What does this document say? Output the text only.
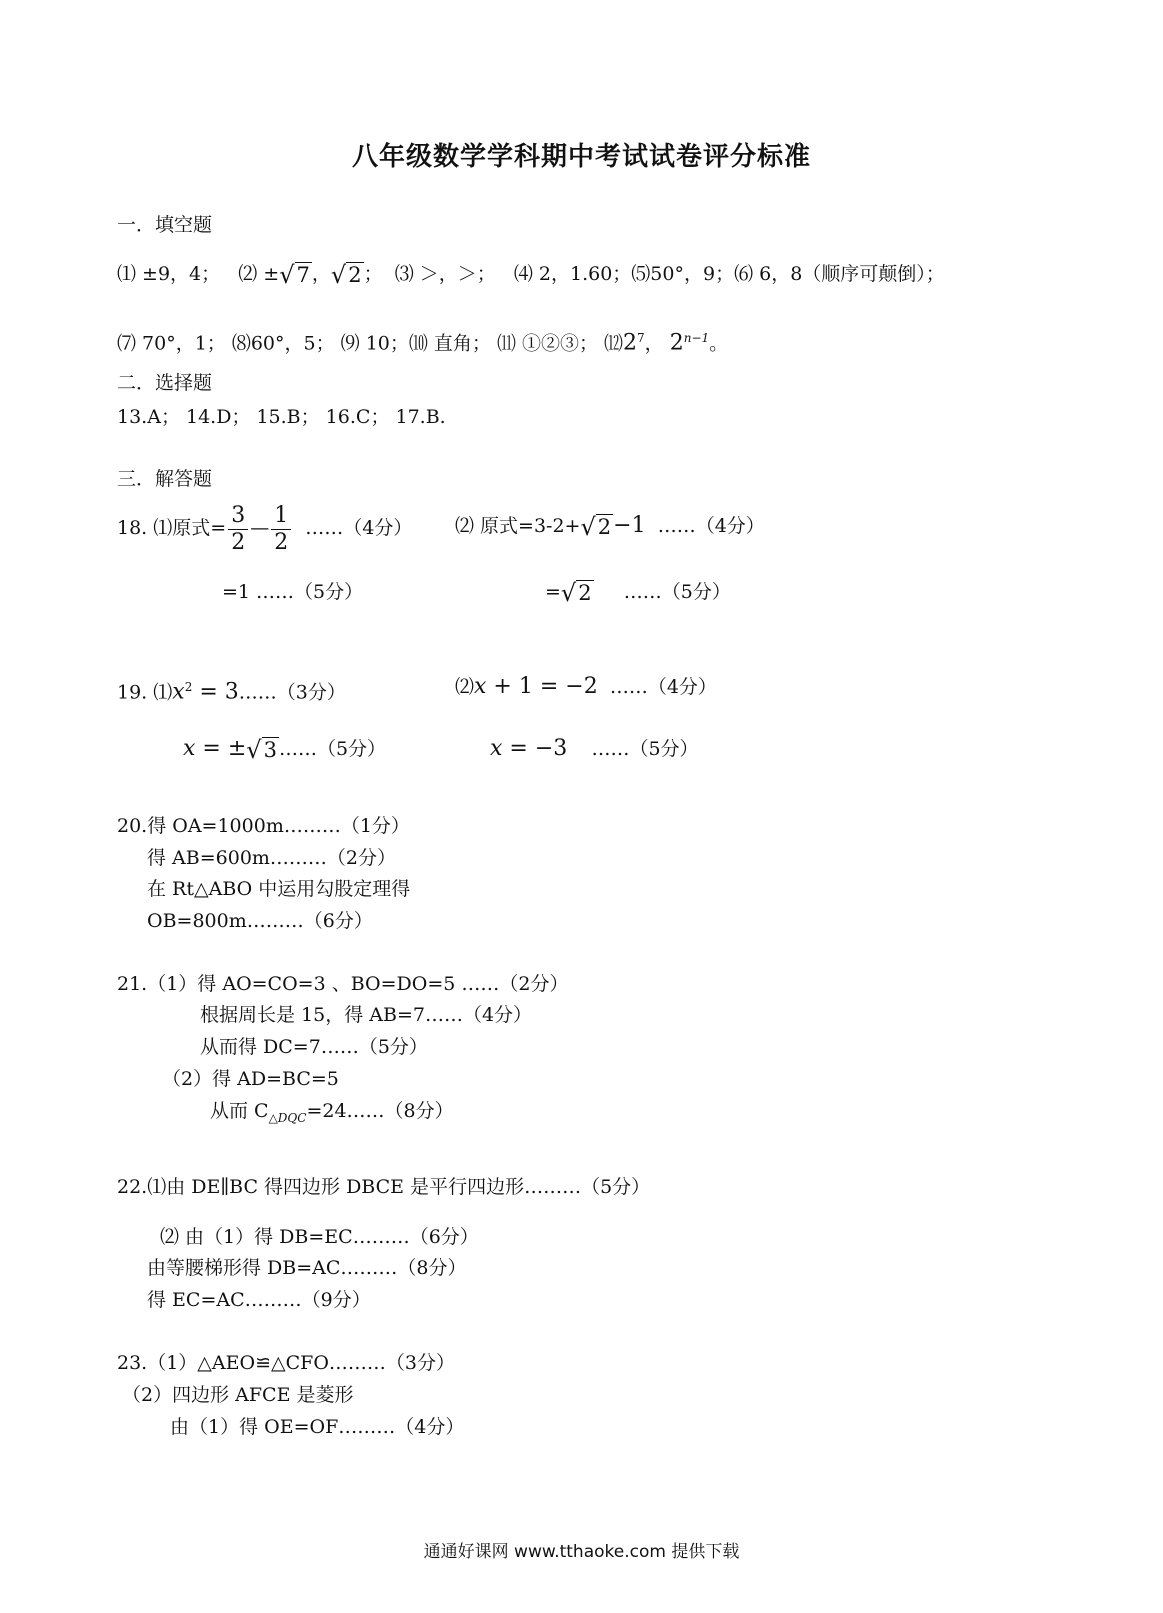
八年级数学学科期中考试试卷评分标准
一．填空题
⑴ ±9，4； ⑵ ± √ 7 ， √ 2 ； ⑶ ＞，＞； ⑷ 2，1.60；⑸50°，9；⑹ 6，8（顺序可颠倒）；
⑺ 70°，1； ⑻60°，5； ⑼ 10；⑽ 直角； ⑾ ①②③； $⑿2^7$， $2^{n-1}$。
二．选择题
13.A； 14.D； 15.B； 16.C； 17.B.
三．解答题
18. ⑴原式= $\frac{3}{2}$ — $\frac{1}{2}$ ……（4分） ⑵ 原式=3-2+ √ 2 −1 ……（4分）
=1 ……（5分）	= √ 2 ……（5分）
19. $⑴x^2$ = 3……（3分）	⑵x + 1 = −2 ……（4分）
x = ± √ 3 ……（5分）	x = −3 ……（5分）
20.得 OA=1000m………（1分）
得 AB=600m………（2分）
在 Rt△ABO 中运用勾股定理得
OB=800m………（6分）
21.（1）得 AO=CO=3 、BO=DO=5 ……（2分）
根据周长是 15，得 AB=7……（4分）
从而得 DC=7……（5分）
（2）得 AD=BC=5
从而 $C_{\triangle DQC}=24\dots\dots(8$分）
22.⑴由 DE∥BC 得四边形 DBCE 是平行四边形………（5分）
⑵ 由（1）得 DB=EC………（6分）
由等腰梯形得 DB=AC………（8分）
得 EC=AC………（9分）
23.（1）△AEO≌△CFO………（3分）
（2）四边形 AFCE 是菱形
由（1）得 OE=OF………（4分）
通通好课网 www.tthaoke.com 提供下载
